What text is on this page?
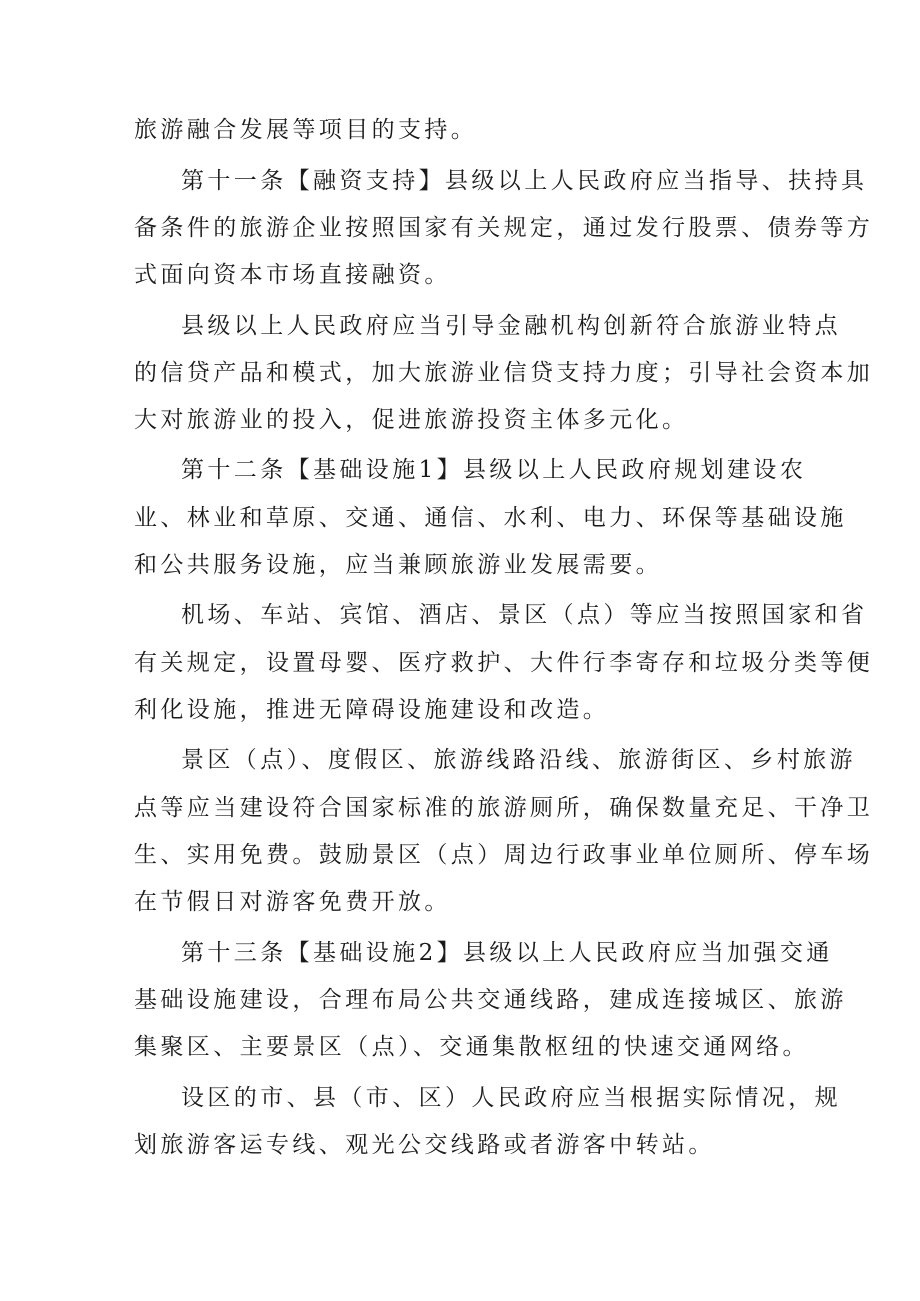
旅游融合发展等项目的支持。

第十一条【融资支持】县级以上人民政府应当指导、扶持具

备条件的旅游企业按照国家有关规定，通过发行股票、债券等方

式面向资本市场直接融资。

县级以上人民政府应当引导金融机构创新符合旅游业特点

的信贷产品和模式，加大旅游业信贷支持力度；引导社会资本加

大对旅游业的投入，促进旅游投资主体多元化。

第十二条【基础设施1】县级以上人民政府规划建设农

业、林业和草原、交通、通信、水利、电力、环保等基础设施

和公共服务设施，应当兼顾旅游业发展需要。

机场、车站、宾馆、酒店、景区（点）等应当按照国家和省

有关规定，设置母婴、医疗救护、大件行李寄存和垃圾分类等便

利化设施，推进无障碍设施建设和改造。

景区（点）、度假区、旅游线路沿线、旅游街区、乡村旅游

点等应当建设符合国家标准的旅游厕所，确保数量充足、干净卫

生、实用免费。鼓励景区（点）周边行政事业单位厕所、停车场

在节假日对游客免费开放。

第十三条【基础设施2】县级以上人民政府应当加强交通

基础设施建设，合理布局公共交通线路，建成连接城区、旅游

集聚区、主要景区（点）、交通集散枢纽的快速交通网络。

设区的市、县（市、区）人民政府应当根据实际情况，规

划旅游客运专线、观光公交线路或者游客中转站。
